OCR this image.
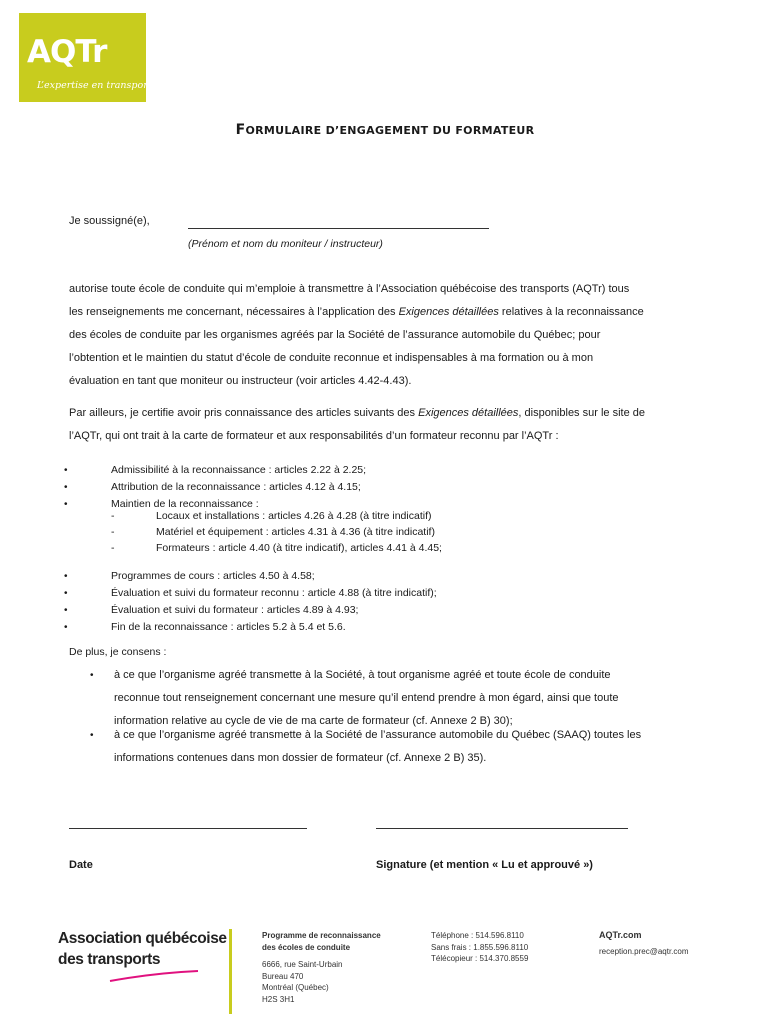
AQTr
L’expertise en transport
FORMULAIRE D’ENGAGEMENT DU FORMATEUR
Je soussigné(e),
(Prénom et nom du moniteur / instructeur)
autorise toute école de conduite qui m’emploie à transmettre à l’Association québécoise des transports (AQTr) tous
les renseignements me concernant, nécessaires à l’application des Exigences détaillées relatives à la reconnaissance
des écoles de conduite par les organismes agréés par la Société de l’assurance automobile du Québec; pour
l’obtention et le maintien du statut d’école de conduite reconnue et indispensables à ma formation ou à mon
évaluation en tant que moniteur ou instructeur (voir articles 4.42-4.43).
Par ailleurs, je certifie avoir pris connaissance des articles suivants des Exigences détaillées, disponibles sur le site de
l’AQTr, qui ont trait à la carte de formateur et aux responsabilités d’un formateur reconnu par l’AQTr :
•	Admissibilité à la reconnaissance : articles 2.22 à 2.25;
•	Attribution de la reconnaissance : articles 4.12 à 4.15;
•	Maintien de la reconnaissance :
-	Locaux et installations : articles 4.26 à 4.28 (à titre indicatif)
-	Matériel et équipement : articles 4.31 à 4.36 (à titre indicatif)
-	Formateurs : article 4.40 (à titre indicatif), articles 4.41 à 4.45;
•	Programmes de cours : articles 4.50 à 4.58;
•	Évaluation et suivi du formateur reconnu : article 4.88 (à titre indicatif);
•	Évaluation et suivi du formateur : articles 4.89 à 4.93;
•	Fin de la reconnaissance : articles 5.2 à 5.4 et 5.6.
De plus, je consens :
• à ce que l’organisme agréé transmette à la Société, à tout organisme agréé et toute école de conduite
reconnue tout renseignement concernant une mesure qu’il entend prendre à mon égard, ainsi que toute
information relative au cycle de vie de ma carte de formateur (cf. Annexe 2 B) 30);
• à ce que l’organisme agréé transmette à la Société de l’assurance automobile du Québec (SAAQ) toutes les
informations contenues dans mon dossier de formateur (cf. Annexe 2 B) 35).
Date	Signature (et mention « Lu et approuvé »)
Association québécoise
des transports
Programme de reconnaissance
des écoles de conduite
6666, rue Saint-Urbain
Bureau 470
Montréal (Québec)
H2S 3H1
Téléphone : 514.596.8110
Sans frais : 1.855.596.8110
Télécopieur : 514.370.8559
AQTr.com
reception.prec@aqtr.com
